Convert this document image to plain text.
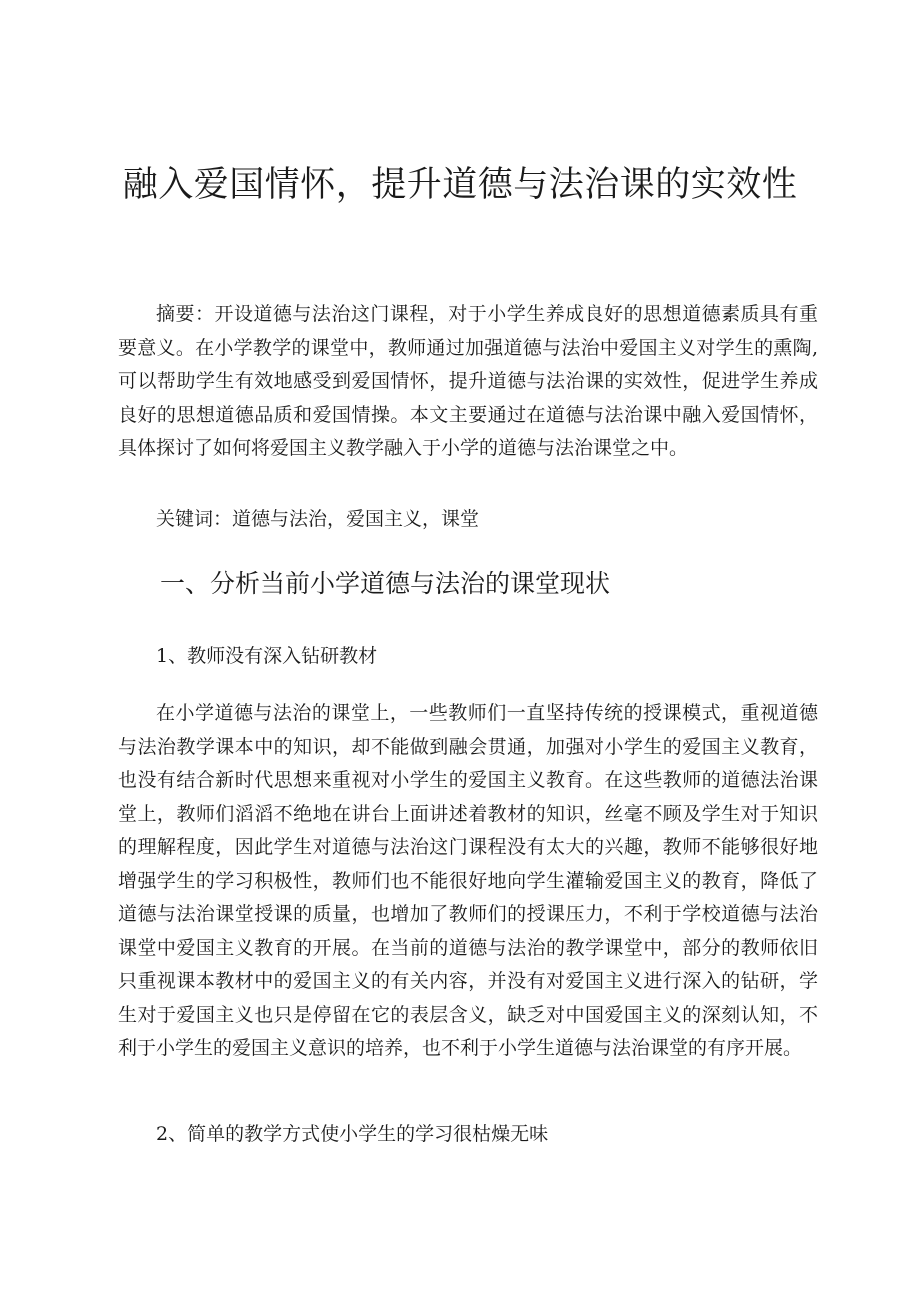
融入爱国情怀，提升道德与法治课的实效性

摘要：开设道德与法治这门课程，对于小学生养成良好的思想道德素质具有重要意义。在小学教学的课堂中，教师通过加强道德与法治中爱国主义对学生的熏陶,可以帮助学生有效地感受到爱国情怀，提升道德与法治课的实效性，促进学生养成良好的思想道德品质和爱国情操。本文主要通过在道德与法治课中融入爱国情怀，具体探讨了如何将爱国主义教学融入于小学的道德与法治课堂之中。

关键词：道德与法治，爱国主义，课堂

一、分析当前小学道德与法治的课堂现状

1、教师没有深入钻研教材

在小学道德与法治的课堂上，一些教师们一直坚持传统的授课模式，重视道德与法治教学课本中的知识，却不能做到融会贯通，加强对小学生的爱国主义教育，也没有结合新时代思想来重视对小学生的爱国主义教育。在这些教师的道德法治课堂上，教师们滔滔不绝地在讲台上面讲述着教材的知识，丝毫不顾及学生对于知识的理解程度，因此学生对道德与法治这门课程没有太大的兴趣，教师不能够很好地增强学生的学习积极性，教师们也不能很好地向学生灌输爱国主义的教育，降低了道德与法治课堂授课的质量，也增加了教师们的授课压力，不利于学校道德与法治课堂中爱国主义教育的开展。在当前的道德与法治的教学课堂中，部分的教师依旧只重视课本教材中的爱国主义的有关内容，并没有对爱国主义进行深入的钻研，学生对于爱国主义也只是停留在它的表层含义，缺乏对中国爱国主义的深刻认知，不利于小学生的爱国主义意识的培养，也不利于小学生道德与法治课堂的有序开展。

2、简单的教学方式使小学生的学习很枯燥无味
